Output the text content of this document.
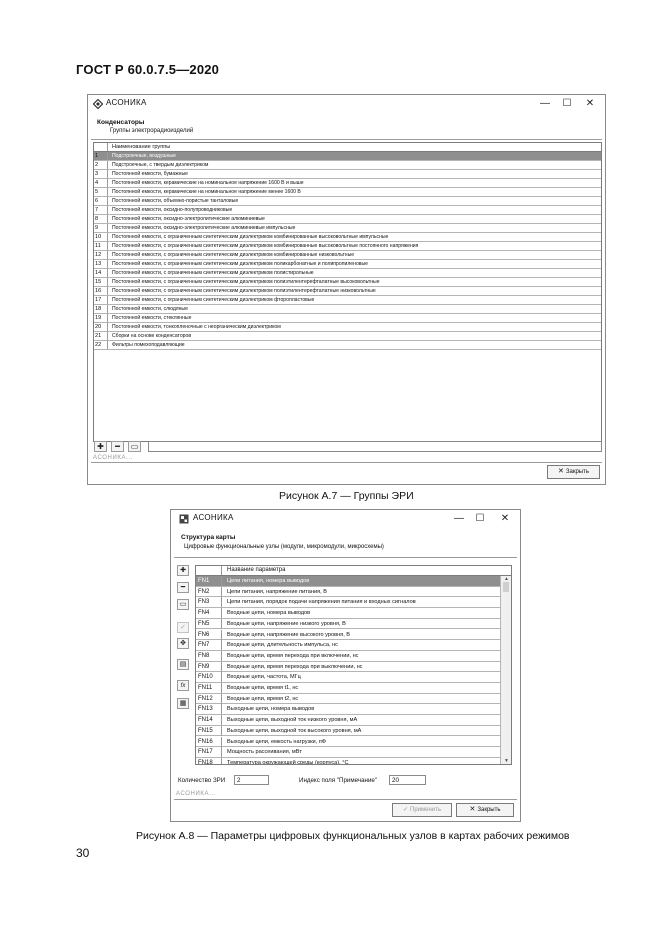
ГОСТ Р 60.0.7.5—2020
АСОНИКА	— ☐ ✕
Конденсаторы
Группы электрорадиоизделий
Наименование группы
1	Подстроечные, воздушные
2	Подстроечные, с твердым диэлектриком
3	Постоянной емкости, бумажные
4	Постоянной емкости, керамические на номинальное напряжение 1600 В и выше
5	Постоянной емкости, керамические на номинальное напряжение менее 1600 В
6	Постоянной емкости, объемно-пористые танталовые
7	Постоянной емкости, оксидно-полупроводниковые
8	Постоянной емкости, оксидно-электролитические алюминиевые
9	Постоянной емкости, оксидно-электролитические алюминиевые импульсные
10	Постоянной емкости, с ограниченным синтетическим диэлектриком комбинированные высоковольтные импульсные
11	Постоянной емкости, с ограниченным синтетическим диэлектриком комбинированные высоковольтные постоянного напряжения
12	Постоянной емкости, с ограниченным синтетическим диэлектриком комбинированные низковольтные
13	Постоянной емкости, с ограниченным синтетическим диэлектриком поликарбонатные и полипропиленовые
14	Постоянной емкости, с ограниченным синтетическим диэлектриком полистирольные
15	Постоянной емкости, с ограниченным синтетическим диэлектриком полиэтилентерефталатные высоковольтные
16	Постоянной емкости, с ограниченным синтетическим диэлектриком полиэтилентерефталатные низковольтные
17	Постоянной емкости, с ограниченным синтетическим диэлектриком фторопластовые
18	Постоянной емкости, слюдяные
19	Постоянной емкости, стеклянные
20	Постоянной емкости, тонкопленочные с неорганическим диэлектриком
21	Сборки на основе конденсаторов
22	Фильтры помехоподавляющие
✚	━	▭
АСОНИКА...
✕ Закрыть
Рисунок А.7 — Группы ЭРИ
АСОНИКА	— ☐ ✕
Структура карты
Цифровые функциональные узлы (модули, микромодули, микросхемы)
✚
━
▭
✓
✥
▤
fx
▦
Название параметра
FN1	Цепи питания, номера выводов
FN2	Цепи питания, напряжение питания, В
FN3	Цепи питания, порядок подачи напряжения питания и входных сигналов
FN4	Входные цепи, номера выводов
FN5	Входные цепи, напряжение низкого уровня, В
FN6	Входные цепи, напряжение высокого уровня, В
FN7	Входные цепи, длительность импульса, нс
FN8	Входные цепи, время перехода при включении, нс
FN9	Входные цепи, время перехода при выключении, нс
FN10	Входные цепи, частота, МГц
FN11	Входные цепи, время t1, нс
FN12	Входные цепи, время t2, нс
FN13	Выходные цепи, номера выводов
FN14	Выходные цепи, выходной ток низкого уровня, мА
FN15	Выходные цепи, выходной ток высокого уровня, мА
FN16	Выходные цепи, емкость нагрузки, пФ
FN17	Мощность рассеивания, мВт
FN18	Температура окружающей среды (корпуса), °С
▲
▼
Количество ЗРИ 2	Индекс поля "Примечание" 20
АСОНИКА...
✓ Применить	✕ Закрыть
Рисунок А.8 — Параметры цифровых функциональных узлов в картах рабочих режимов
30
